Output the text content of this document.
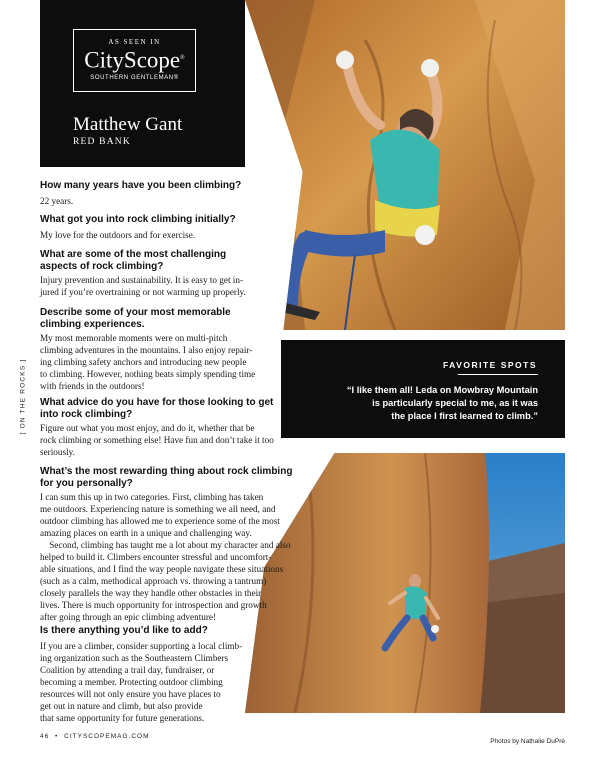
AS SEEN IN
CityScope®
SOUTHERN GENTLEMAN®
Matthew Gant
RED BANK
FAVORITE SPOTS
“I like them all! Leda on Mowbray Mountain
is particularly special to me, as it was
the place I first learned to climb.”
[ ON THE ROCKS ]
How many years have you been climbing?
22 years.
What got you into rock climbing initially?
My love for the outdoors and for exercise.
What are some of the most challenging
aspects of rock climbing?
Injury prevention and sustainability. It is easy to get in-
jured if you’re overtraining or not warming up properly.
Describe some of your most memorable
climbing experiences.
My most memorable moments were on multi-pitch
climbing adventures in the mountains. I also enjoy repair-
ing climbing safety anchors and introducing new people
to climbing. However, nothing beats simply spending time
with friends in the outdoors!
What advice do you have for those looking to get
into rock climbing?
Figure out what you most enjoy, and do it, whether that be
rock climbing or something else! Have fun and don’t take it too
seriously.
What’s the most rewarding thing about rock climbing
for you personally?
I can sum this up in two categories. First, climbing has taken
me outdoors. Experiencing nature is something we all need, and
outdoor climbing has allowed me to experience some of the most
amazing places on earth in a unique and challenging way.
Second, climbing has taught me a lot about my character and also
helped to build it. Climbers encounter stressful and uncomfort-
able situations, and I find the way people navigate these situations
(such as a calm, methodical approach vs. throwing a tantrum)
closely parallels the way they handle other obstacles in their
lives. There is much opportunity for introspection and growth
after going through an epic climbing adventure!
Is there anything you’d like to add?
If you are a climber, consider supporting a local climb-
ing organization such as the Southeastern Climbers
Coalition by attending a trail day, fundraiser, or
becoming a member. Protecting outdoor climbing
resources will not only ensure you have places to
get out in nature and climb, but also provide
that same opportunity for future generations.
46 • CITYSCOPEMAG.COM
Photos by Nathalie DuPré
